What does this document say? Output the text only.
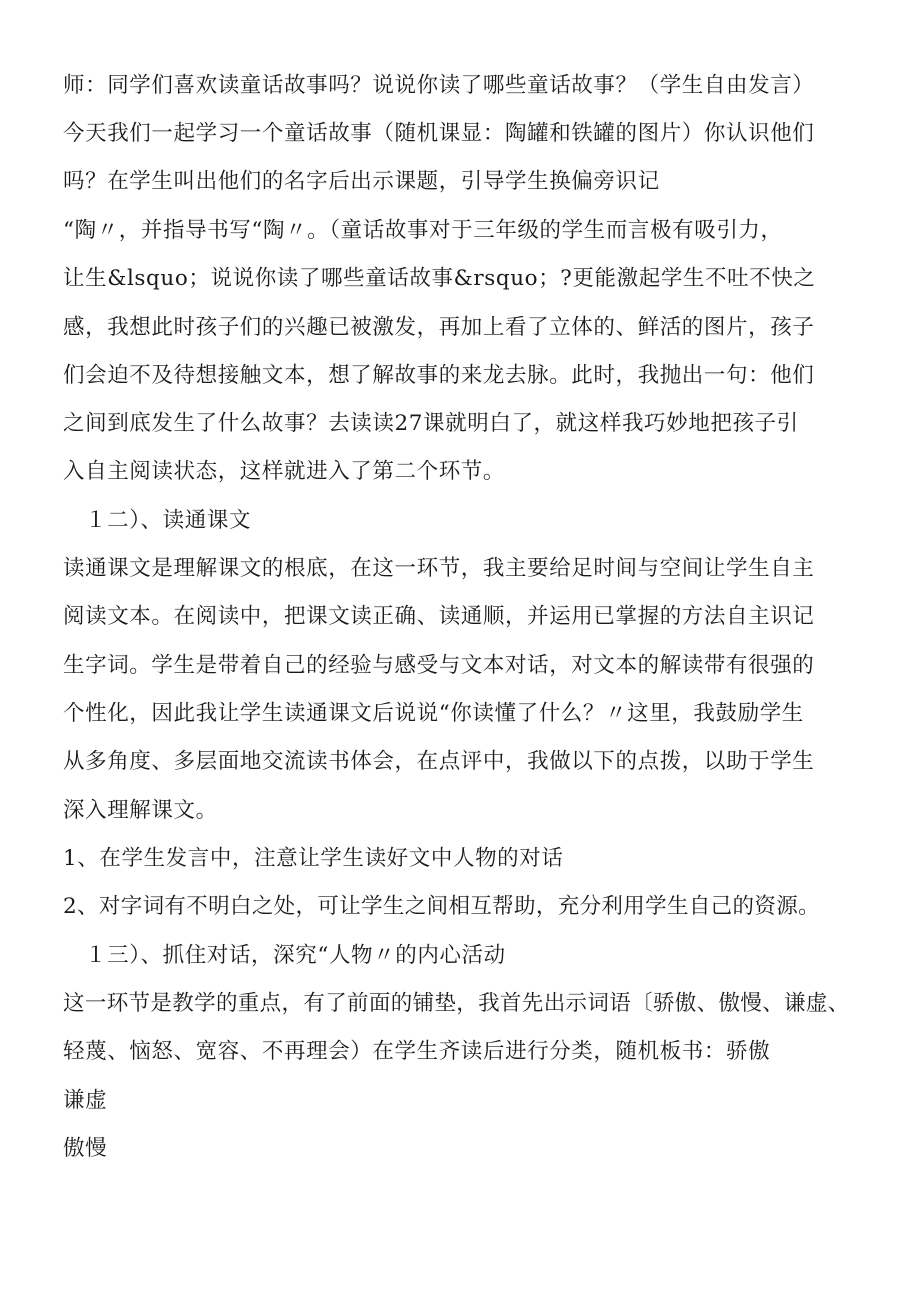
师：同学们喜欢读童话故事吗？说说你读了哪些童话故事？（学生自由发言）
今天我们一起学习一个童话故事（随机课显：陶罐和铁罐的图片）你认识他们
吗？在学生叫出他们的名字后出示课题，引导学生换偏旁识记
“陶〃，并指导书写“陶〃。（童话故事对于三年级的学生而言极有吸引力，
让生&lsquo；说说你读了哪些童话故事&rsquo；?更能激起学生不吐不快之
感，我想此时孩子们的兴趣已被激发，再加上看了立体的、鲜活的图片，孩子
们会迫不及待想接触文本，想了解故事的来龙去脉。此时，我抛出一句：他们
之间到底发生了什么故事？去读读27课就明白了，就这样我巧妙地把孩子引
入自主阅读状态，这样就进入了第二个环节。
１二）、读通课文
读通课文是理解课文的根底，在这一环节，我主要给足时间与空间让学生自主
阅读文本。在阅读中，把课文读正确、读通顺，并运用已掌握的方法自主识记
生字词。学生是带着自己的经验与感受与文本对话，对文本的解读带有很强的
个性化，因此我让学生读通课文后说说“你读懂了什么？〃这里，我鼓励学生
从多角度、多层面地交流读书体会，在点评中，我做以下的点拨，以助于学生
深入理解课文。
1、在学生发言中，注意让学生读好文中人物的对话
2、对字词有不明白之处，可让学生之间相互帮助，充分利用学生自己的资源。
１三）、抓住对话，深究“人物〃的内心活动
这一环节是教学的重点，有了前面的铺垫，我首先出示词语〔骄傲、傲慢、谦虚、
轻蔑、恼怒、宽容、不再理会）在学生齐读后进行分类，随机板书：骄傲
谦虚
傲慢
